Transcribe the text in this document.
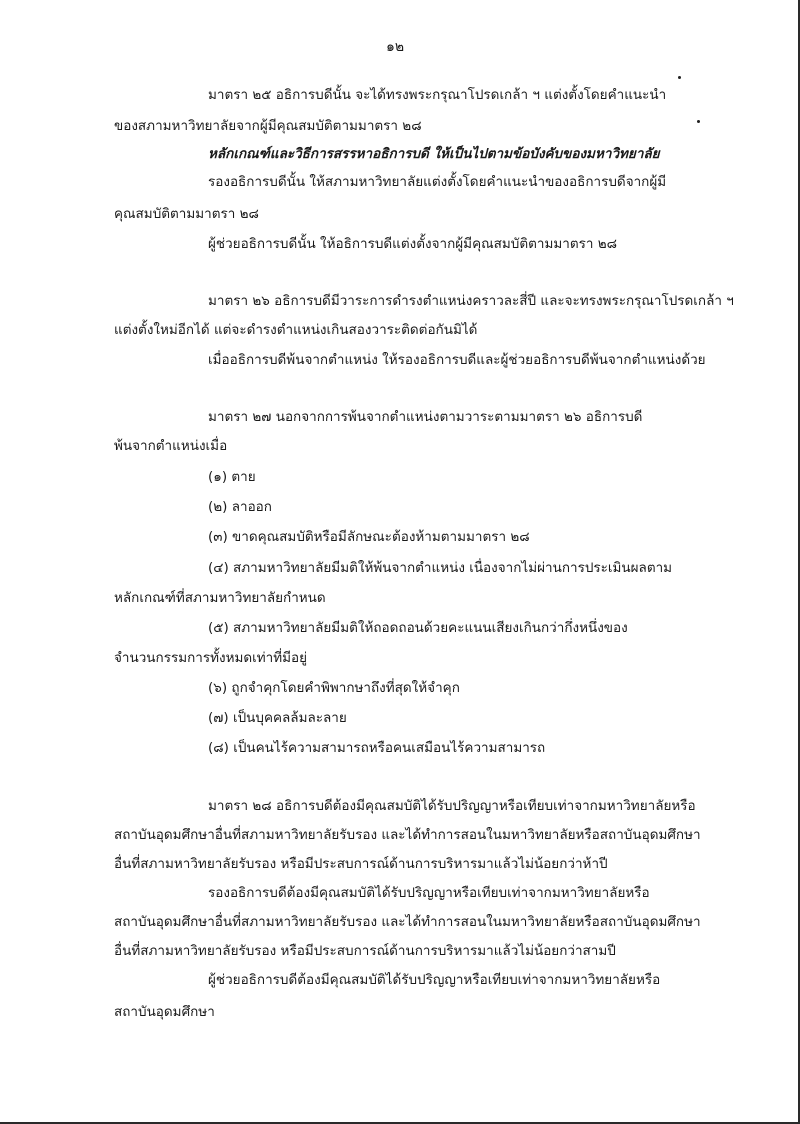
๑๒
มาตรา ๒๕ อธิการบดีนั้น จะได้ทรงพระกรุณาโปรดเกล้า ฯ แต่งตั้งโดยคำแนะนำ
ของสภามหาวิทยาลัยจากผู้มีคุณสมบัติตามมาตรา ๒๘
หลักเกณฑ์และวิธีการสรรหาอธิการบดี ให้เป็นไปตามข้อบังคับของมหาวิทยาลัย
รองอธิการบดีนั้น ให้สภามหาวิทยาลัยแต่งตั้งโดยคำแนะนำของอธิการบดีจากผู้มี
คุณสมบัติตามมาตรา ๒๘
ผู้ช่วยอธิการบดีนั้น ให้อธิการบดีแต่งตั้งจากผู้มีคุณสมบัติตามมาตรา ๒๘
มาตรา ๒๖ อธิการบดีมีวาระการดำรงตำแหน่งคราวละสี่ปี และจะทรงพระกรุณาโปรดเกล้า ฯ
แต่งตั้งใหม่อีกได้ แต่จะดำรงตำแหน่งเกินสองวาระติดต่อกันมิได้
เมื่ออธิการบดีพ้นจากตำแหน่ง ให้รองอธิการบดีและผู้ช่วยอธิการบดีพ้นจากตำแหน่งด้วย
มาตรา ๒๗ นอกจากการพ้นจากตำแหน่งตามวาระตามมาตรา ๒๖ อธิการบดี
พ้นจากตำแหน่งเมื่อ
(๑) ตาย
(๒) ลาออก
(๓) ขาดคุณสมบัติหรือมีลักษณะต้องห้ามตามมาตรา ๒๘
(๔) สภามหาวิทยาลัยมีมติให้พ้นจากตำแหน่ง เนื่องจากไม่ผ่านการประเมินผลตาม
หลักเกณฑ์ที่สภามหาวิทยาลัยกำหนด
(๕) สภามหาวิทยาลัยมีมติให้ถอดถอนด้วยคะแนนเสียงเกินกว่ากึ่งหนึ่งของ
จำนวนกรรมการทั้งหมดเท่าที่มีอยู่
(๖) ถูกจำคุกโดยคำพิพากษาถึงที่สุดให้จำคุก
(๗) เป็นบุคคลล้มละลาย
(๘) เป็นคนไร้ความสามารถหรือคนเสมือนไร้ความสามารถ
มาตรา ๒๘ อธิการบดีต้องมีคุณสมบัติได้รับปริญญาหรือเทียบเท่าจากมหาวิทยาลัยหรือ
สถาบันอุดมศึกษาอื่นที่สภามหาวิทยาลัยรับรอง และได้ทำการสอนในมหาวิทยาลัยหรือสถาบันอุดมศึกษา
อื่นที่สภามหาวิทยาลัยรับรอง หรือมีประสบการณ์ด้านการบริหารมาแล้วไม่น้อยกว่าห้าปี
รองอธิการบดีต้องมีคุณสมบัติได้รับปริญญาหรือเทียบเท่าจากมหาวิทยาลัยหรือ
สถาบันอุดมศึกษาอื่นที่สภามหาวิทยาลัยรับรอง และได้ทำการสอนในมหาวิทยาลัยหรือสถาบันอุดมศึกษา
อื่นที่สภามหาวิทยาลัยรับรอง หรือมีประสบการณ์ด้านการบริหารมาแล้วไม่น้อยกว่าสามปี
ผู้ช่วยอธิการบดีต้องมีคุณสมบัติได้รับปริญญาหรือเทียบเท่าจากมหาวิทยาลัยหรือ
สถาบันอุดมศึกษา
